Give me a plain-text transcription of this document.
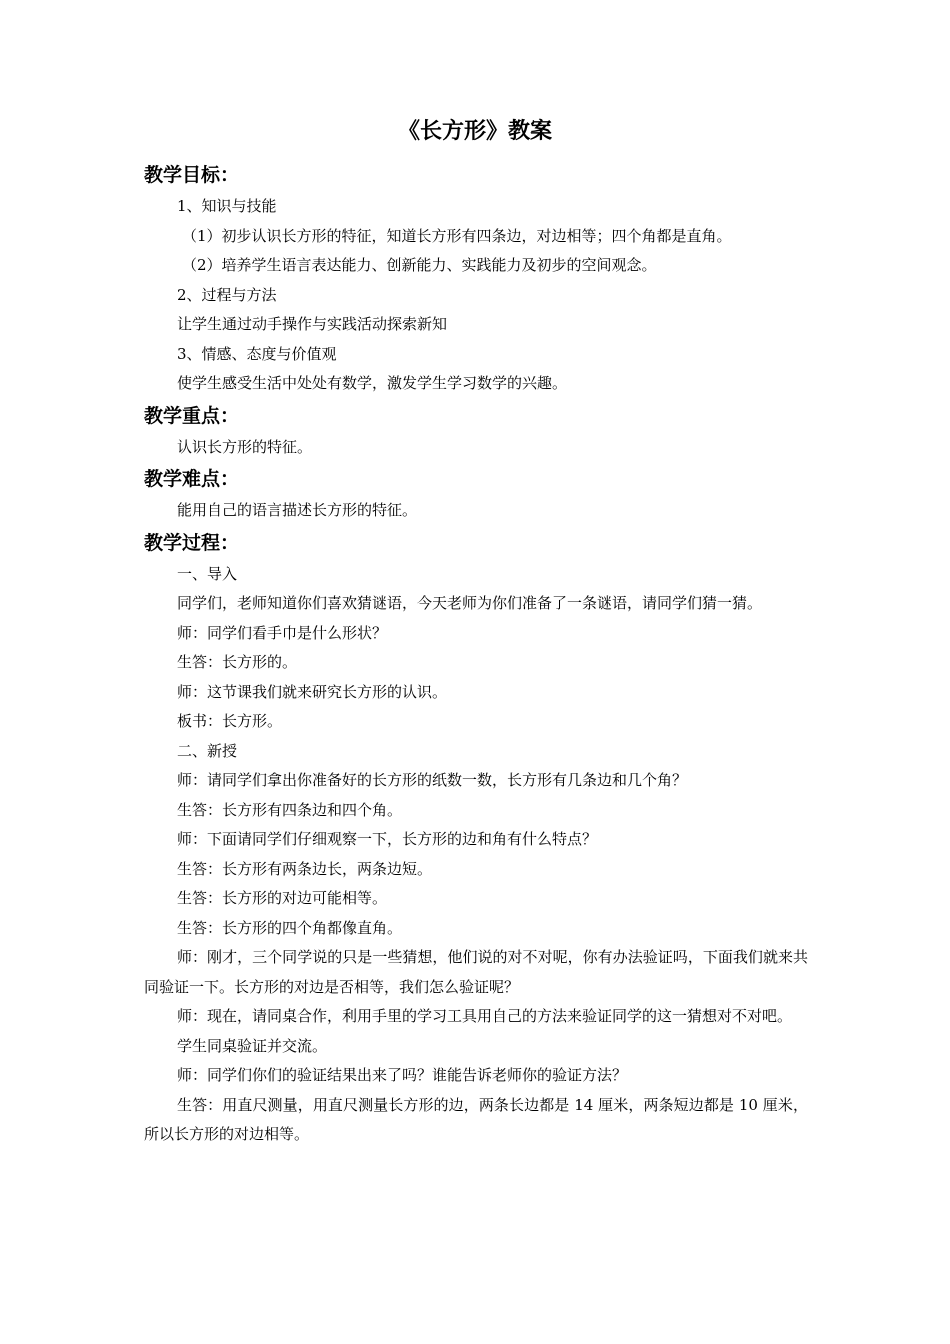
《长方形》教案
教学目标：
1、知识与技能
（1）初步认识长方形的特征，知道长方形有四条边，对边相等；四个角都是直角。
（2）培养学生语言表达能力、创新能力、实践能力及初步的空间观念。
2、过程与方法
让学生通过动手操作与实践活动探索新知
3、情感、态度与价值观
使学生感受生活中处处有数学，激发学生学习数学的兴趣。
教学重点：
认识长方形的特征。
教学难点：
能用自己的语言描述长方形的特征。
教学过程：
一、导入
同学们，老师知道你们喜欢猜谜语，今天老师为你们准备了一条谜语，请同学们猜一猜。
师：同学们看手巾是什么形状？
生答：长方形的。
师：这节课我们就来研究长方形的认识。
板书：长方形。
二、新授
师：请同学们拿出你准备好的长方形的纸数一数，长方形有几条边和几个角？
生答：长方形有四条边和四个角。
师：下面请同学们仔细观察一下，长方形的边和角有什么特点？
生答：长方形有两条边长，两条边短。
生答：长方形的对边可能相等。
生答：长方形的四个角都像直角。
师：刚才，三个同学说的只是一些猜想，他们说的对不对呢，你有办法验证吗，下面我们就来共同验证一下。长方形的对边是否相等，我们怎么验证呢？
师：现在，请同桌合作，利用手里的学习工具用自己的方法来验证同学的这一猜想对不对吧。
学生同桌验证并交流。
师：同学们你们的验证结果出来了吗？谁能告诉老师你的验证方法？
生答：用直尺测量，用直尺测量长方形的边，两条长边都是 14 厘米，两条短边都是 10 厘米，所以长方形的对边相等。
